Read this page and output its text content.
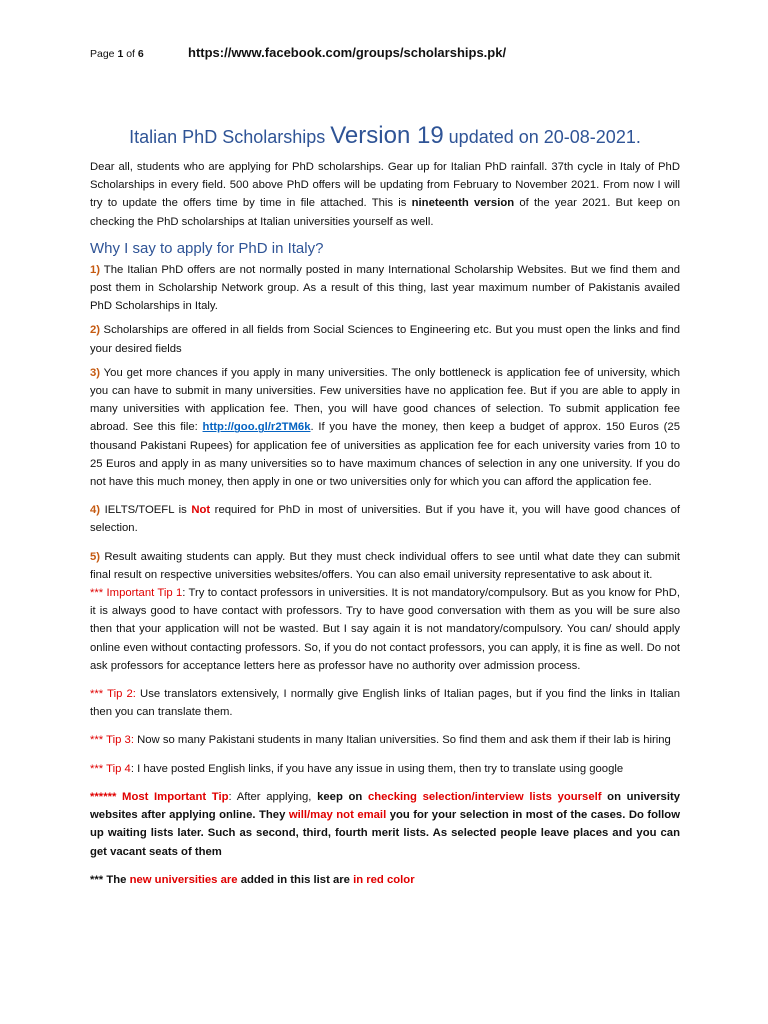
Page 1 of 6	https://www.facebook.com/groups/scholarships.pk/
Italian PhD Scholarships Version 19 updated on 20-08-2021.

Dear all, students who are applying for PhD scholarships. Gear up for Italian PhD rainfall. 37th cycle in Italy of PhD Scholarships in every field. 500 above PhD offers will be updating from February to November 2021. From now I will try to update the offers time by time in file attached. This is nineteenth version of the year 2021. But keep on checking the PhD scholarships at Italian universities yourself as well.

Why I say to apply for PhD in Italy?

1) The Italian PhD offers are not normally posted in many International Scholarship Websites. But we find them and post them in Scholarship Network group. As a result of this thing, last year maximum number of Pakistanis availed PhD Scholarships in Italy.

2) Scholarships are offered in all fields from Social Sciences to Engineering etc. But you must open the links and find your desired fields

3) You get more chances if you apply in many universities. The only bottleneck is application fee of university, which you can have to submit in many universities. Few universities have no application fee. But if you are able to apply in many universities with application fee. Then, you will have good chances of selection. To submit application fee abroad. See this file: http://goo.gl/r2TM6k. If you have the money, then keep a budget of approx. 150 Euros (25 thousand Pakistani Rupees) for application fee of universities as application fee for each university varies from 10 to 25 Euros and apply in as many universities so to have maximum chances of selection in any one university. If you do not have this much money, then apply in one or two universities only for which you can afford the application fee.

4) IELTS/TOEFL is Not required for PhD in most of universities. But if you have it, you will have good chances of selection.

5) Result awaiting students can apply. But they must check individual offers to see until what date they can submit final result on respective universities websites/offers. You can also email university representative to ask about it.

*** Important Tip 1: Try to contact professors in universities. It is not mandatory/compulsory. But as you know for PhD, it is always good to have contact with professors. Try to have good conversation with them as you will be sure also then that your application will not be wasted. But I say again it is not mandatory/compulsory. You can/ should apply online even without contacting professors. So, if you do not contact professors, you can apply, it is fine as well. Do not ask professors for acceptance letters here as professor have no authority over admission process.

*** Tip 2: Use translators extensively, I normally give English links of Italian pages, but if you find the links in Italian then you can translate them.

*** Tip 3: Now so many Pakistani students in many Italian universities. So find them and ask them if their lab is hiring

*** Tip 4: I have posted English links, if you have any issue in using them, then try to translate using google

****** Most Important Tip: After applying, keep on checking selection/interview lists yourself on university websites after applying online. They will/may not email you for your selection in most of the cases. Do follow up waiting lists later. Such as second, third, fourth merit lists. As selected people leave places and you can get vacant seats of them

*** The new universities are added in this list are in red color
